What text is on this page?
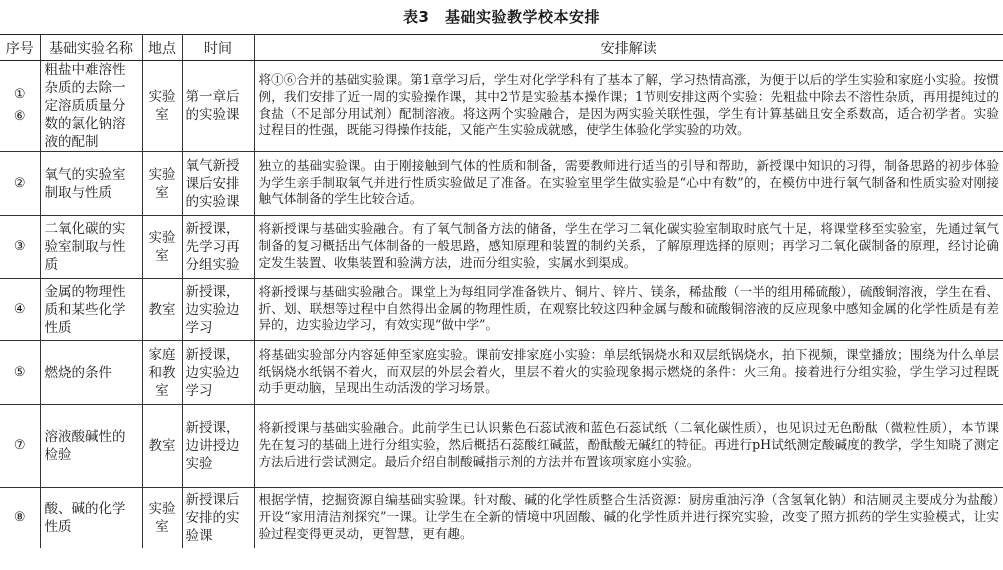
表3　基础实验教学校本安排
序号	基础实验名称	地点	时间	安排解读

①
⑥	粗盐中难溶性杂质的去除一定溶质质量分数的氯化钠溶液的配制	实验室	第一章后的实验课	将①⑥合并的基础实验课。第1章学习后，学生对化学学科有了基本了解，学习热情高涨，为便于以后的学生实验和家庭小实验。按惯例，我们安排了近一周的实验操作课，其中2节是实验基本操作课；1节则安排这两个实验：先粗盐中除去不溶性杂质，再用提纯过的食盐（不足部分用试剂）配制溶液。将这两个实验融合，是因为两实验关联性强，学生有计算基础且安全系数高，适合初学者。实验过程目的性强，既能习得操作技能，又能产生实验成就感，使学生体验化学实验的功效。
②	氧气的实验室制取与性质	实验室	氧气新授课后安排的实验课	独立的基础实验课。由于刚接触到气体的性质和制备，需要教师进行适当的引导和帮助，新授课中知识的习得，制备思路的初步体验为学生亲手制取氧气并进行性质实验做足了准备。在实验室里学生做实验是“心中有数”的，在模仿中进行氧气制备和性质实验对刚接触气体制备的学生比较合适。
③	二氧化碳的实验室制取与性质	实验室	新授课，先学习再分组实验	将新授课与基础实验融合。有了氧气制备方法的储备，学生在学习二氧化碳实验室制取时底气十足，将课堂移至实验室，先通过氧气制备的复习概括出气体制备的一般思路，感知原理和装置的制约关系，了解原理选择的原则；再学习二氧化碳制备的原理，经讨论确定发生装置、收集装置和验满方法，进而分组实验，实属水到渠成。
④	金属的物理性质和某些化学性质	教室	新授课，边实验边学习	将新授课与基础实验融合。课堂上为每组同学准备铁片、铜片、锌片、镁条，稀盐酸（一半的组用稀硫酸），硫酸铜溶液，学生在看、折、划、联想等过程中自然得出金属的物理性质，在观察比较这四种金属与酸和硫酸铜溶液的反应现象中感知金属的化学性质是有差异的，边实验边学习，有效实现“做中学”。
⑤	燃烧的条件	家庭和教室	新授课，边实验边学习	将基础实验部分内容延伸至家庭实验。课前安排家庭小实验：单层纸锅烧水和双层纸锅烧水，拍下视频，课堂播放；围绕为什么单层纸锅烧水纸锅不着火，而双层的外层会着火，里层不着火的实验现象揭示燃烧的条件：火三角。接着进行分组实验，学生学习过程既动手更动脑，呈现出生动活泼的学习场景。
⑦	溶液酸碱性的检验	教室	新授课，边讲授边实验	将新授课与基础实验融合。此前学生已认识紫色石蕊试液和蓝色石蕊试纸（二氧化碳性质），也见识过无色酚酞（微粒性质），本节课先在复习的基础上进行分组实验，然后概括石蕊酸红碱蓝，酚酞酸无碱红的特征。再进行pH试纸测定酸碱度的教学，学生知晓了测定方法后进行尝试测定。最后介绍自制酸碱指示剂的方法并布置该项家庭小实验。
⑧	酸、碱的化学性质	实验室	新授课后安排的实验课	根据学情，挖掘资源自编基础实验课。针对酸、碱的化学性质整合生活资源：厨房重油污净（含氢氧化钠）和洁厕灵主要成分为盐酸）开设“家用清洁剂探究”一课。让学生在全新的情境中巩固酸、碱的化学性质并进行探究实验，改变了照方抓药的学生实验模式，让实验过程变得更灵动，更智慧，更有趣。
